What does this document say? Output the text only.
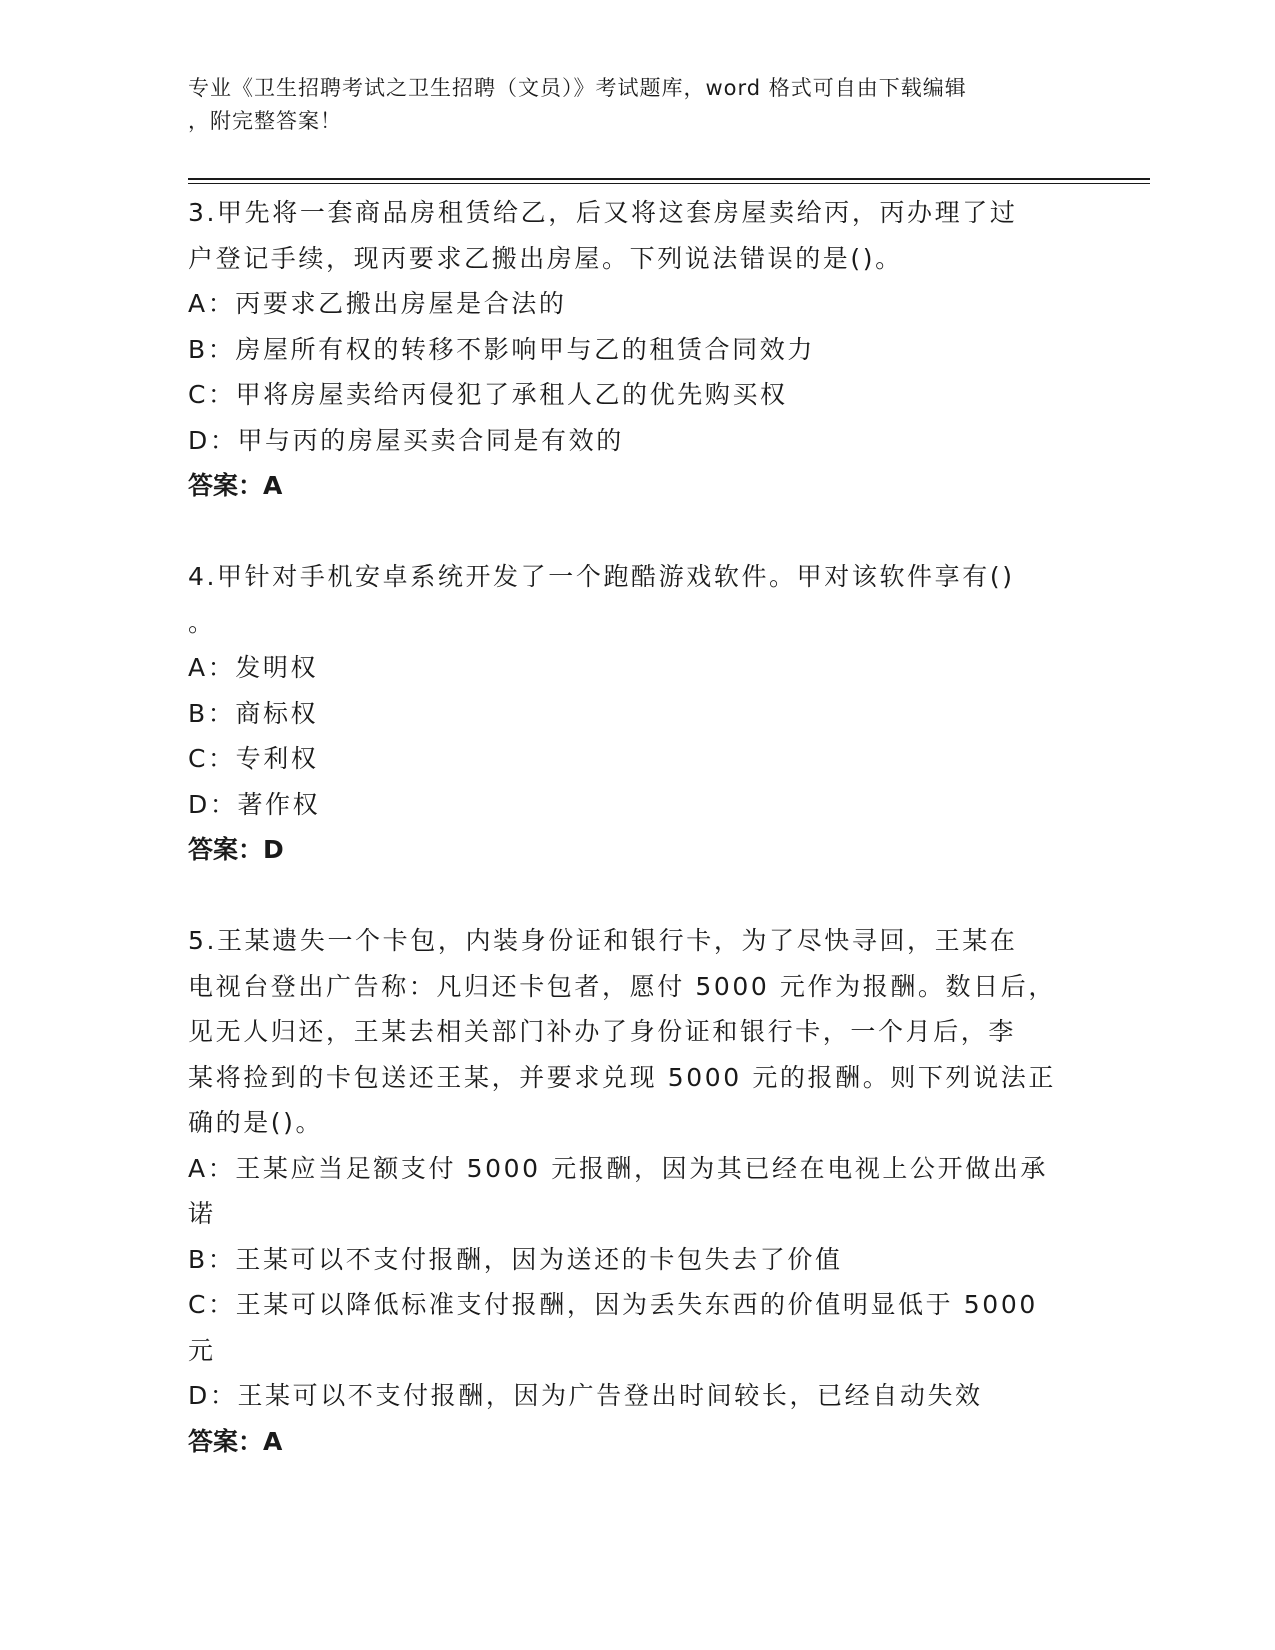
专业《卫生招聘考试之卫生招聘（文员）》考试题库，word 格式可自由下载编辑
，附完整答案！
3.甲先将一套商品房租赁给乙，后又将这套房屋卖给丙，丙办理了过
户登记手续，现丙要求乙搬出房屋。下列说法错误的是()。
A：丙要求乙搬出房屋是合法的
B：房屋所有权的转移不影响甲与乙的租赁合同效力
C：甲将房屋卖给丙侵犯了承租人乙的优先购买权
D：甲与丙的房屋买卖合同是有效的
答案：A
4.甲针对手机安卓系统开发了一个跑酷游戏软件。甲对该软件享有()
。
A：发明权
B：商标权
C：专利权
D：著作权
答案：D
5.王某遗失一个卡包，内装身份证和银行卡，为了尽快寻回，王某在
电视台登出广告称：凡归还卡包者，愿付 5000 元作为报酬。数日后，
见无人归还，王某去相关部门补办了身份证和银行卡，一个月后，李
某将捡到的卡包送还王某，并要求兑现 5000 元的报酬。则下列说法正
确的是()。
A：王某应当足额支付 5000 元报酬，因为其已经在电视上公开做出承
诺
B：王某可以不支付报酬，因为送还的卡包失去了价值
C：王某可以降低标准支付报酬，因为丢失东西的价值明显低于 5000
元
D：王某可以不支付报酬，因为广告登出时间较长，已经自动失效
答案：A
